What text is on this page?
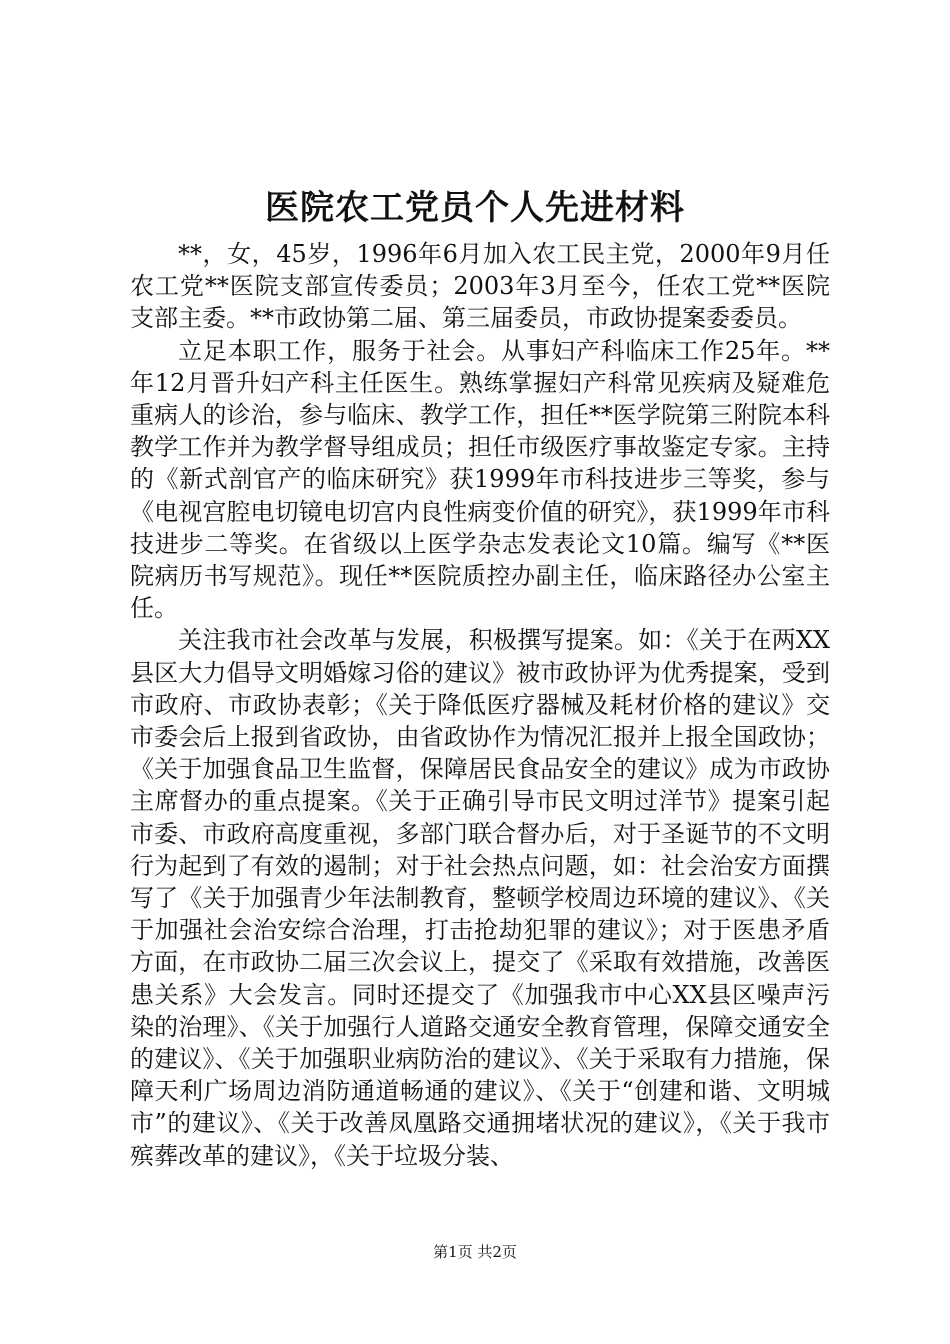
医院农工党员个人先进材料

**，女，45岁，1996年6月加入农工民主党，2000年9月任农工党**医院支部宣传委员；2003年3月至今，任农工党**医院支部主委。**市政协第二届、第三届委员，市政协提案委委员。

立足本职工作，服务于社会。从事妇产科临床工作25年。**年12月晋升妇产科主任医生。熟练掌握妇产科常见疾病及疑难危重病人的诊治，参与临床、教学工作，担任**医学院第三附院本科教学工作并为教学督导组成员；担任市级医疗事故鉴定专家。主持的《新式剖官产的临床研究》获1999年市科技进步三等奖，参与《电视宫腔电切镜电切宫内良性病变价值的研究》，获1999年市科技进步二等奖。在省级以上医学杂志发表论文10篇。编写《**医院病历书写规范》。现任**医院质控办副主任，临床路径办公室主任。

关注我市社会改革与发展，积极撰写提案。如：《关于在两XX县区大力倡导文明婚嫁习俗的建议》被市政协评为优秀提案，受到市政府、市政协表彰；《关于降低医疗器械及耗材价格的建议》交市委会后上报到省政协，由省政协作为情况汇报并上报全国政协；《关于加强食品卫生监督，保障居民食品安全的建议》成为市政协主席督办的重点提案。《关于正确引导市民文明过洋节》提案引起市委、市政府高度重视，多部门联合督办后，对于圣诞节的不文明行为起到了有效的遏制；对于社会热点问题，如：社会治安方面撰写了《关于加强青少年法制教育，整顿学校周边环境的建议》、《关于加强社会治安综合治理，打击抢劫犯罪的建议》；对于医患矛盾方面，在市政协二届三次会议上，提交了《采取有效措施，改善医患关系》大会发言。同时还提交了《加强我市中心XX县区噪声污染的治理》、《关于加强行人道路交通安全教育管理，保障交通安全的建议》、《关于加强职业病防治的建议》、《关于采取有力措施，保障天利广场周边消防通道畅通的建议》、《关于“创建和谐、文明城市”的建议》、《关于改善凤凰路交通拥堵状况的建议》，《关于我市殡葬改革的建议》，《关于垃圾分装、

第1页 共2页
